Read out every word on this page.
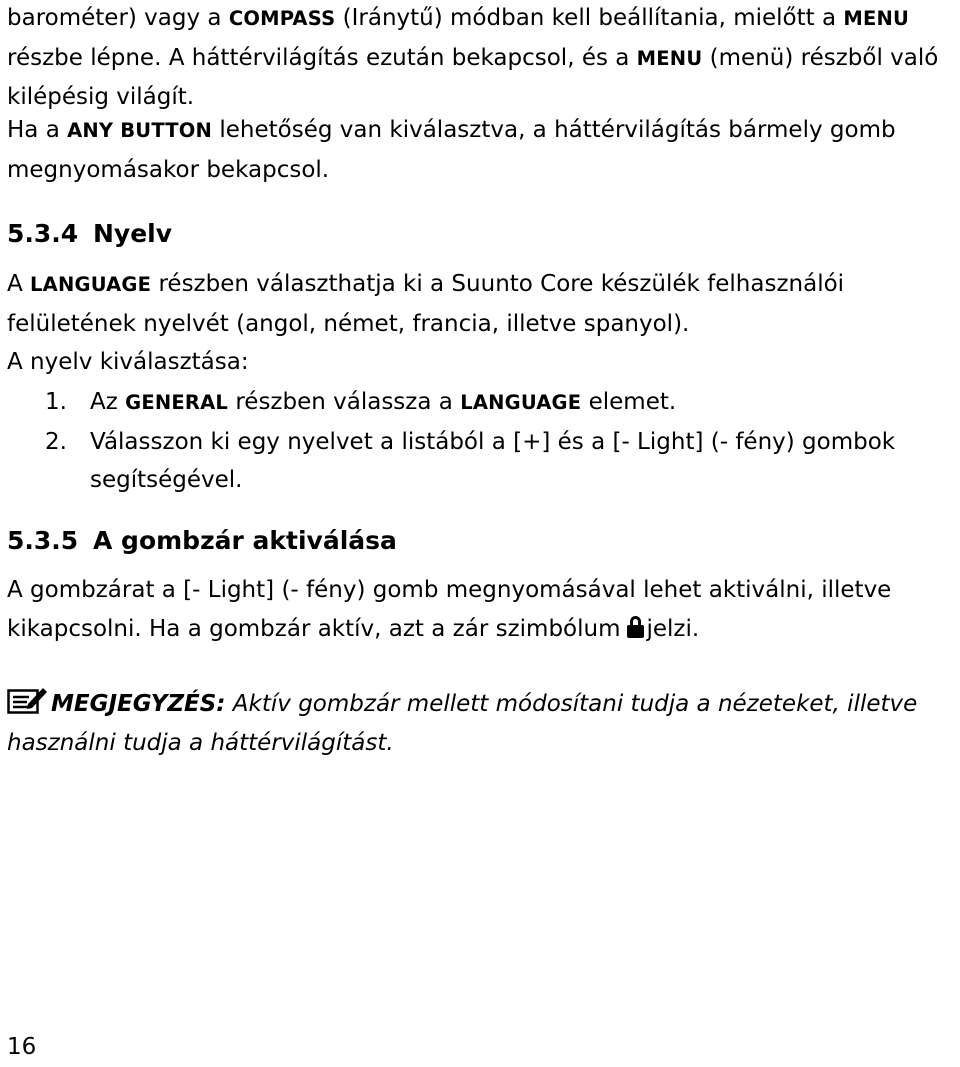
barométer) vagy a COMPASS (Iránytű) módban kell beállítania, mielőtt a MENU részbe lépne. A háttérvilágítás ezután bekapcsol, és a MENU (menü) részből való kilépésig világít.

Ha a ANY BUTTON lehetőség van kiválasztva, a háttérvilágítás bármely gomb megnyomásakor bekapcsol.

5.3.4 Nyelv

A LANGUAGE részben választhatja ki a Suunto Core készülék felhasználói felületének nyelvét (angol, német, francia, illetve spanyol).

A nyelv kiválasztása:

1. Az GENERAL részben válassza a LANGUAGE elemet.
2. Válasszon ki egy nyelvet a listából a [+] és a [- Light] (- fény) gombok segítségével.
5.3.5 A gombzár aktiválása

A gombzárat a [- Light] (- fény) gomb megnyomásával lehet aktiválni, illetve kikapcsolni. Ha a gombzár aktív, azt a zár szimbólum jelzi.

MEGJEGYZÉS: Aktív gombzár mellett módosítani tudja a nézeteket, illetve használni tudja a háttérvilágítást.

16
